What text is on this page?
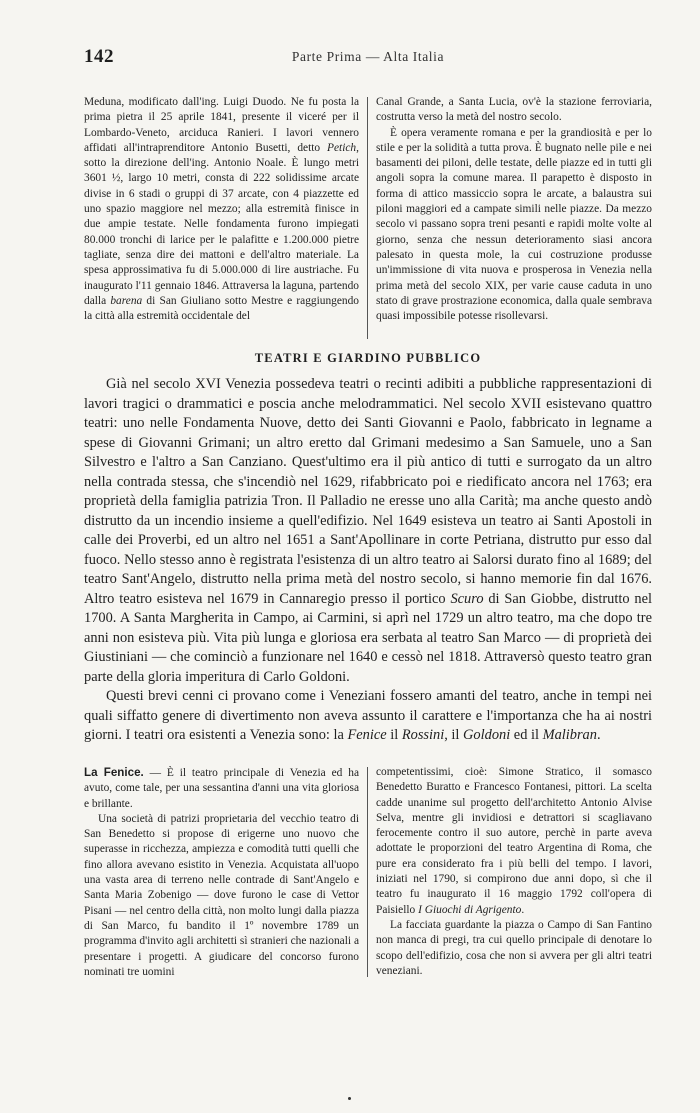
142	Parte Prima — Alta Italia

Meduna, modificato dall'ing. Luigi Duodo. Ne fu posta la prima pietra il 25 aprile 1841, presente il viceré per il Lombardo-Veneto, arciduca Ranieri. I lavori vennero affidati all'intraprenditore Antonio Busetti, detto Petich, sotto la direzione dell'ing. Antonio Noale. È lungo metri 3601 ½, largo 10 metri, consta di 222 solidissime arcate divise in 6 stadi o gruppi di 37 arcate, con 4 piazzette ed uno spazio maggiore nel mezzo; alla estremità finisce in due ampie testate. Nelle fondamenta furono impiegati 80.000 tronchi di larice per le palafitte e 1.200.000 pietre tagliate, senza dire dei mattoni e dell'altro materiale. La spesa approssimativa fu di 5.000.000 di lire austriache. Fu inaugurato l'11 gennaio 1846. Attraversa la laguna, partendo dalla barena di San Giuliano sotto Mestre e raggiungendo la città alla estremità occidentale del

Canal Grande, a Santa Lucia, ov'è la stazione ferroviaria, costrutta verso la metà del nostro secolo.

È opera veramente romana e per la grandiosità e per lo stile e per la solidità a tutta prova. È bugnato nelle pile e nei basamenti dei piloni, delle testate, delle piazze ed in tutti gli angoli sopra la comune marea. Il parapetto è disposto in forma di attico massiccio sopra le arcate, a balaustra sui piloni maggiori ed a campate simili nelle piazze. Da mezzo secolo vi passano sopra treni pesanti e rapidi molte volte al giorno, senza che nessun deterioramento siasi ancora palesato in questa mole, la cui costruzione produsse un'immissione di vita nuova e prosperosa in Venezia nella prima metà del secolo XIX, per varie cause caduta in uno stato di grave prostrazione economica, dalla quale sembrava quasi impossibile potesse risollevarsi.

TEATRI E GIARDINO PUBBLICO

Già nel secolo XVI Venezia possedeva teatri o recinti adibiti a pubbliche rappresentazioni di lavori tragici o drammatici e poscia anche melodrammatici. Nel secolo XVII esistevano quattro teatri: uno nelle Fondamenta Nuove, detto dei Santi Giovanni e Paolo, fabbricato in legname a spese di Giovanni Grimani; un altro eretto dal Grimani medesimo a San Samuele, uno a San Silvestro e l'altro a San Canziano. Quest'ultimo era il più antico di tutti e surrogato da un altro nella contrada stessa, che s'incendiò nel 1629, rifabbricato poi e riedificato ancora nel 1763; era proprietà della famiglia patrizia Tron. Il Palladio ne eresse uno alla Carità; ma anche questo andò distrutto da un incendio insieme a quell'edifizio. Nel 1649 esisteva un teatro ai Santi Apostoli in calle dei Proverbi, ed un altro nel 1651 a Sant'Apollinare in corte Petriana, distrutto pur esso dal fuoco. Nello stesso anno è registrata l'esistenza di un altro teatro ai Salorsi durato fino al 1689; del teatro Sant'Angelo, distrutto nella prima metà del nostro secolo, si hanno memorie fin dal 1676. Altro teatro esisteva nel 1679 in Cannaregio presso il portico Scuro di San Giobbe, distrutto nel 1700. A Santa Margherita in Campo, ai Carmini, si aprì nel 1729 un altro teatro, ma che dopo tre anni non esisteva più. Vita più lunga e gloriosa era serbata al teatro San Marco — di proprietà dei Giustiniani — che cominciò a funzionare nel 1640 e cessò nel 1818. Attraversò questo teatro gran parte della gloria imperitura di Carlo Goldoni.

Questi brevi cenni ci provano come i Veneziani fossero amanti del teatro, anche in tempi nei quali siffatto genere di divertimento non aveva assunto il carattere e l'importanza che ha ai nostri giorni. I teatri ora esistenti a Venezia sono: la Fenice il Rossini, il Goldoni ed il Malibran.

La Fenice. — È il teatro principale di Venezia ed ha avuto, come tale, per una sessantina d'anni una vita gloriosa e brillante.

Una società di patrizi proprietaria del vecchio teatro di San Benedetto si propose di erigerne uno nuovo che superasse in ricchezza, ampiezza e comodità tutti quelli che fino allora avevano esistito in Venezia. Acquistata all'uopo una vasta area di terreno nelle contrade di Sant'Angelo e Santa Maria Zobenigo — dove furono le case di Vettor Pisani — nel centro della città, non molto lungi dalla piazza di San Marco, fu bandito il 1º novembre 1789 un programma d'invito agli architetti sì stranieri che nazionali a presentare i progetti. A giudicare del concorso furono nominati tre uomini

competentissimi, cioè: Simone Stratico, il somasco Benedetto Buratto e Francesco Fontanesi, pittori. La scelta cadde unanime sul progetto dell'architetto Antonio Alvise Selva, mentre gli invidiosi e detrattori si scagliavano ferocemente contro il suo autore, perchè in parte aveva adottate le proporzioni del teatro Argentina di Roma, che pure era considerato fra i più belli del tempo. I lavori, iniziati nel 1790, si compirono due anni dopo, sì che il teatro fu inaugurato il 16 maggio 1792 coll'opera di Paisiello I Giuochi di Agrigento.

La facciata guardante la piazza o Campo di San Fantino non manca di pregi, tra cui quello principale di denotare lo scopo dell'edifizio, cosa che non si avvera per gli altri teatri veneziani.
